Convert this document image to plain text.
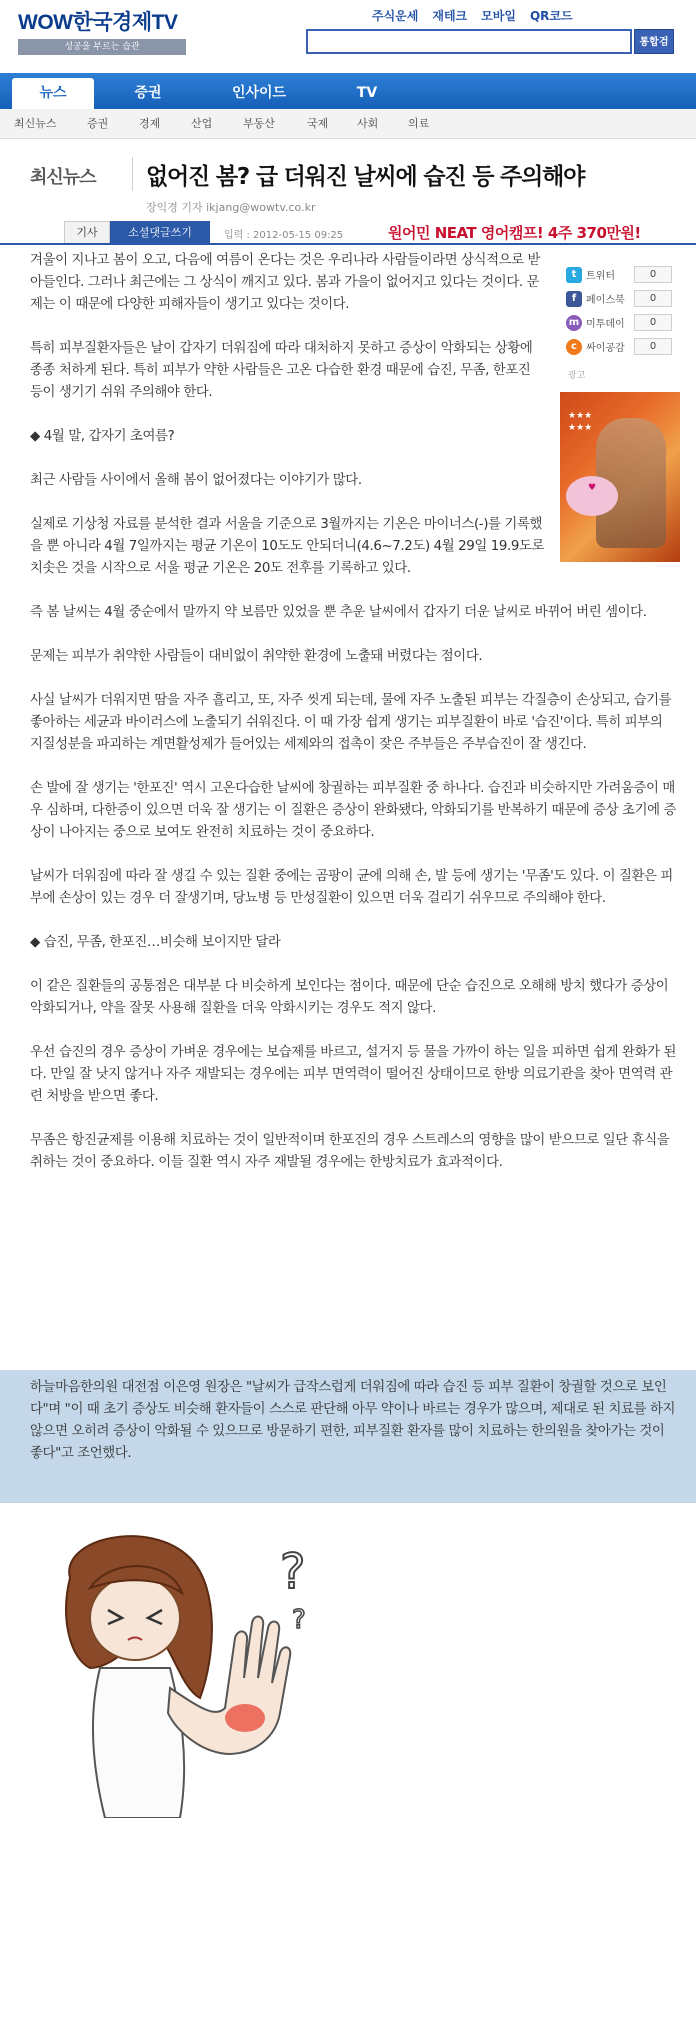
WOW한국경제TV
성공을 부르는 습관
주식운세 재테크 모바일 QR코드
통합검색
뉴스	증권	인사이드	TV
최신뉴스	증권	경제	산업	부동산	국제	사회	의료
최신뉴스 없어진 봄? 급 더워진 날씨에 습진 등 주의해야
장익경 기자 ikjang@wowtv.co.kr
기사	소셜댓글쓰기	입력 : 2012-05-15 09:25	원어민 NEAT 영어캠프! 4주 370만원!
t 트위터	0
f 페이스북	0
m 미투데이	0
c 싸이공감	0
광고
★★★
★★★
♥

겨울이 지나고 봄이 오고, 다음에 여름이 온다는 것은 우리나라 사람들이라면 상식적으로 받아들인다. 그러나 최근에는 그 상식이 깨지고 있다. 봄과 가을이 없어지고 있다는 것이다. 문제는 이 때문에 다양한 피해자들이 생기고 있다는 것이다.

특히 피부질환자들은 날이 갑자기 더워짐에 따라 대처하지 못하고 증상이 악화되는 상황에 종종 처하게 된다. 특히 피부가 약한 사람들은 고온 다습한 환경 때문에 습진, 무좀, 한포진 등이 생기기 쉬워 주의해야 한다.

◆ 4월 말, 갑자기 초여름?

최근 사람들 사이에서 올해 봄이 없어졌다는 이야기가 많다.

실제로 기상청 자료를 분석한 결과 서울을 기준으로 3월까지는 기온은 마이너스(-)를 기록했을 뿐 아니라 4월 7일까지는 평균 기온이 10도도 안되더니(4.6~7.2도) 4월 29일 19.9도로 치솟은 것을 시작으로 서울 평균 기온은 20도 전후를 기록하고 있다.

즉 봄 날씨는 4월 중순에서 말까지 약 보름만 있었을 뿐 추운 날씨에서 갑자기 더운 날씨로 바뀌어 버린 셈이다.

문제는 피부가 취약한 사람들이 대비없이 취약한 환경에 노출돼 버렸다는 점이다.

사실 날씨가 더워지면 땀을 자주 흘리고, 또, 자주 씻게 되는데, 물에 자주 노출된 피부는 각질층이 손상되고, 습기를 좋아하는 세균과 바이러스에 노출되기 쉬워진다. 이 때 가장 쉽게 생기는 피부질환이 바로 '습진'이다. 특히 피부의 지질성분을 파괴하는 계면활성제가 들어있는 세제와의 접촉이 잦은 주부들은 주부습진이 잘 생긴다.

손 발에 잘 생기는 '한포진' 역시 고온다습한 날씨에 창궐하는 피부질환 중 하나다. 습진과 비슷하지만 가려움증이 매우 심하며, 다한증이 있으면 더욱 잘 생기는 이 질환은 증상이 완화됐다, 악화되기를 반복하기 때문에 증상 초기에 증상이 나아지는 중으로 보여도 완전히 치료하는 것이 중요하다.

날씨가 더워짐에 따라 잘 생길 수 있는 질환 중에는 곰팡이 균에 의해 손, 발 등에 생기는 '무좀'도 있다. 이 질환은 피부에 손상이 있는 경우 더 잘생기며, 당뇨병 등 만성질환이 있으면 더욱 걸리기 쉬우므로 주의해야 한다.

◆ 습진, 무좀, 한포진…비슷해 보이지만 달라

이 같은 질환들의 공통점은 대부분 다 비슷하게 보인다는 점이다. 때문에 단순 습진으로 오해해 방치 했다가 증상이 악화되거나, 약을 잘못 사용해 질환을 더욱 악화시키는 경우도 적지 않다.

우선 습진의 경우 증상이 가벼운 경우에는 보습제를 바르고, 설거지 등 물을 가까이 하는 일을 피하면 쉽게 완화가 된다. 만일 잘 낫지 않거나 자주 재발되는 경우에는 피부 면역력이 떨어진 상태이므로 한방 의료기관을 찾아 면역력 관련 처방을 받으면 좋다.

무좀은 항진균제를 이용해 치료하는 것이 일반적이며 한포진의 경우 스트레스의 영향을 많이 받으므로 일단 휴식을 취하는 것이 중요하다. 이들 질환 역시 자주 재발될 경우에는 한방치료가 효과적이다.

하늘마음한의원 대전점 이은영 원장은 "날씨가 급작스럽게 더워짐에 따라 습진 등 피부 질환이 창궐할 것으로 보인다"며 "이 때 초기 증상도 비슷해 환자들이 스스로 판단해 아무 약이나 바르는 경우가 많으며, 제대로 된 치료를 하지 않으면 오히려 증상이 악화될 수 있으므로 방문하기 편한, 피부질환 환자를 많이 치료하는 한의원을 찾아가는 것이 좋다"고 조언했다.
?
?
